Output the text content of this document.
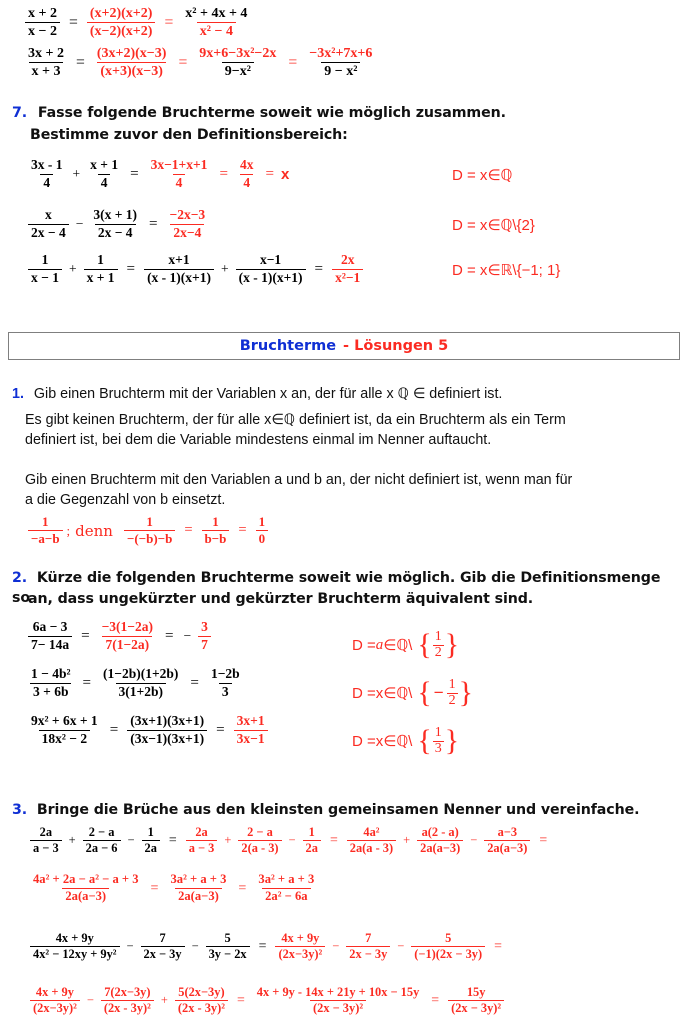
$\frac{x + 2}{x - 2} = \frac{(x+2)(x+2)}{(x-2)(x+2)} = \frac{\text{x² + 4x + 4}}{\text{x² − 4}}$
$\frac{3x + 2}{x + 3} = \frac{(3x+2)(x-3)}{(x+3)(x-3)} = \frac{\text{9x+6−3x²−2x}}{\text{9−x²}} = \frac{\text{−3x²+7x+6}}{\text{9 − x²}}$
7. Fasse folgende Bruchterme soweit wie möglich zusammen.
Bestimme zuvor den Definitionsbereich:
$\frac{3x - 1}{4} + \frac{x + 1}{4} = \frac{3x-1+x+1}{4} = \frac{4x}{4} = x$	D = x ∈ ℚ
$\frac{x}{2x - 4} - \frac{3(x + 1)}{2x - 4} = \frac{-2x-3}{2x-4}$	D = x ∈ ℚ \{2}
$\frac{1}{x - 1} + \frac{1}{x + 1} = \frac{x+1}{(x - 1)(x+1)} + \frac{x-1}{(x - 1)(x+1)} = \frac{2x}{\text{x²−1}}$	D = x ∈ ℝ \{−1; 1}
Bruchterme - Lösungen 5
1. Gib einen Bruchterm mit der Variablen x an, der für alle x ℚ ∈ definiert ist.
Es gibt keinen Bruchterm, der für alle x∈ℚ definiert ist, da ein Bruchterm als ein Term
definiert ist, bei dem die Variable mindestens einmal im Nenner auftaucht.
Gib einen Bruchterm mit den Variablen a und b an, der nicht definiert ist, wenn man für
a die Gegenzahl von b einsetzt.
$\frac{1}{-a-b}$ ; denn $\frac{1}{-(-b)-b} = \frac{1}{b-b} = \frac{1}{0}$
2. Kürze die folgenden Bruchterme soweit wie möglich. Gib die Definitionsmenge so
an, dass ungekürzter und gekürzter Bruchterm äquivalent sind.
$\frac{6a - 3}{7- 14a} = \frac{-3(1-2a)}{7(1-2a)}$ = − $\frac{3}{7}$	D = a ∈ ℚ \ { $\frac{1}{2}$ }
$\frac{\text{1 − 4b²}}{3 + 6b} = \frac{(1-2b)(1+2b)}{3(1+2b)} = \frac{1-2b}{3}$	D = x ∈ ℚ \ { − $\frac{1}{2}$ }
$\frac{\text{9x² + 6x + 1}}{\text{18x² − 2}} = \frac{(3x+1)(3x+1)}{(3x-1)(3x+1)} = \frac{3x+1}{3x-1}$	D = x ∈ ℚ \ { $\frac{1}{3}$ }
3. Bringe die Brüche aus den kleinsten gemeinsamen Nenner und vereinfache.
$\frac{2a}{a - 3} + \frac{2 - a}{2a - 6} - \frac{1}{2a} = \frac{2a}{a - 3} + \frac{2 - a}{2(a - 3)} - \frac{1}{2a} = \frac{\text{4a²}}{2a(a - 3)} + \frac{a(2 - a)}{2a(a-3)} - \frac{a-3}{2a(a-3)}$ =
$\frac{\text{4a² + 2a − a² − a + 3}}{2a(a-3)} = \frac{\text{3a² + a + 3}}{2a(a-3)} = \frac{\text{3a² + a + 3}}{\text{2a² − 6a}}$
$\frac{4x + 9y}{\text{4x² − 12xy + 9y²}} - \frac{7}{2x - 3y} - \frac{5}{3y - 2x} = \frac{4x + 9y}{\text{(2x−3y)²}} - \frac{7}{2x - 3y} - \frac{5}{(-1)(2x - 3y)}$ =
$\frac{4x + 9y}{\text{(2x−3y)²}} - \frac{7(2x-3y)}{\text{(2x - 3y)²}} + \frac{5(2x-3y)}{\text{(2x - 3y)²}} = \frac{4x + 9y - 14x + 21y + 10x - 15y}{\text{(2x − 3y)²}} = \frac{15y}{\text{(2x − 3y)²}}$
